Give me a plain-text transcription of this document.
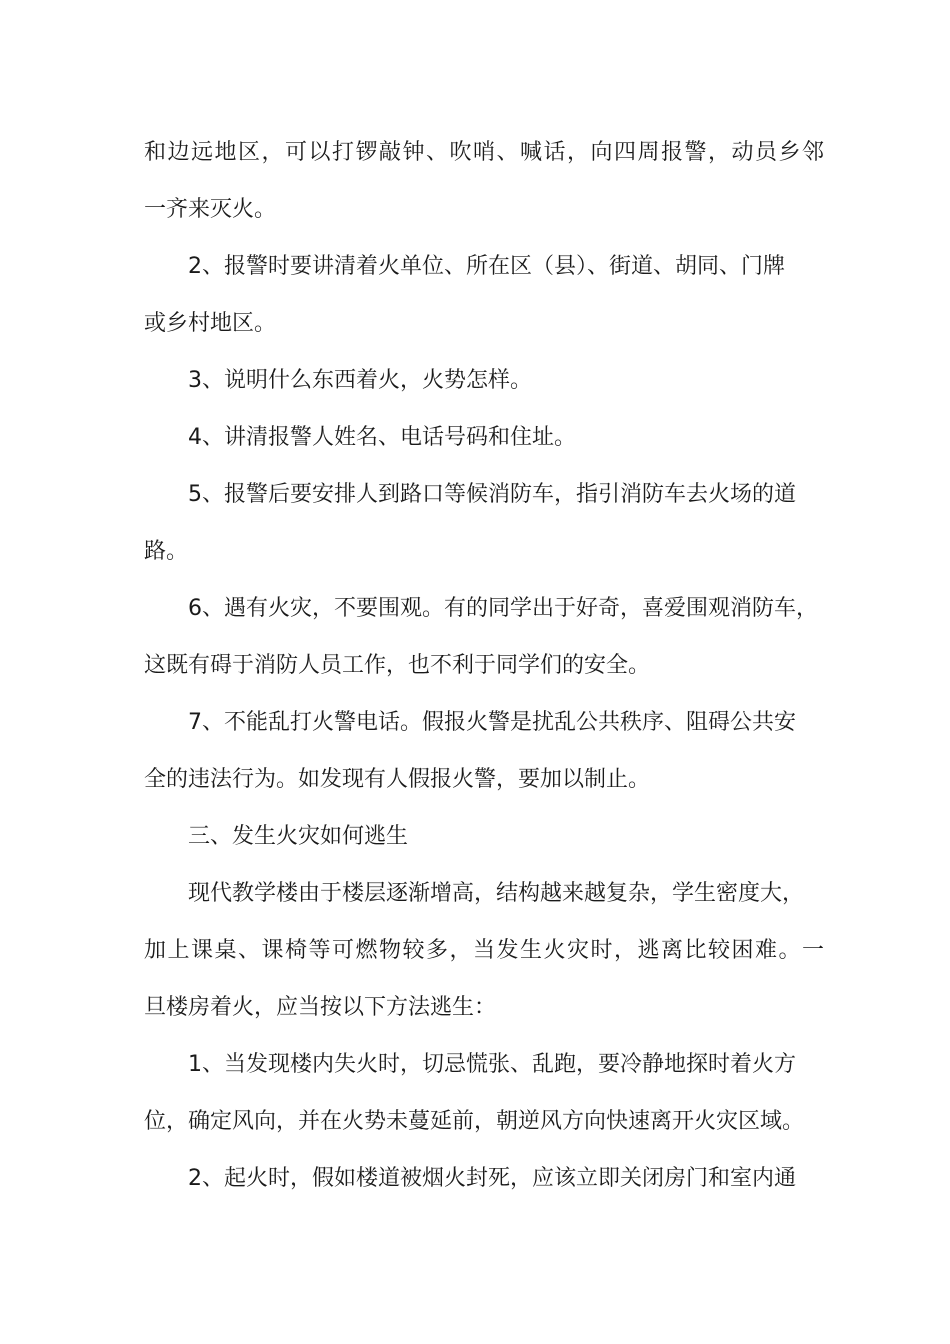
和边远地区，可以打锣敲钟、吹哨、喊话，向四周报警，动员乡邻
一齐来灭火。
2、报警时要讲清着火单位、所在区（县）、街道、胡同、门牌
或乡村地区。
3、说明什么东西着火，火势怎样。
4、讲清报警人姓名、电话号码和住址。
5、报警后要安排人到路口等候消防车，指引消防车去火场的道
路。
6、遇有火灾，不要围观。有的同学出于好奇，喜爱围观消防车，
这既有碍于消防人员工作，也不利于同学们的安全。
7、不能乱打火警电话。假报火警是扰乱公共秩序、阻碍公共安
全的违法行为。如发现有人假报火警，要加以制止。
三、发生火灾如何逃生
现代教学楼由于楼层逐渐增高，结构越来越复杂，学生密度大，
加上课桌、课椅等可燃物较多，当发生火灾时，逃离比较困难。一
旦楼房着火，应当按以下方法逃生：
1、当发现楼内失火时，切忌慌张、乱跑，要冷静地探时着火方
位，确定风向，并在火势未蔓延前，朝逆风方向快速离开火灾区域。
2、起火时，假如楼道被烟火封死，应该立即关闭房门和室内通
